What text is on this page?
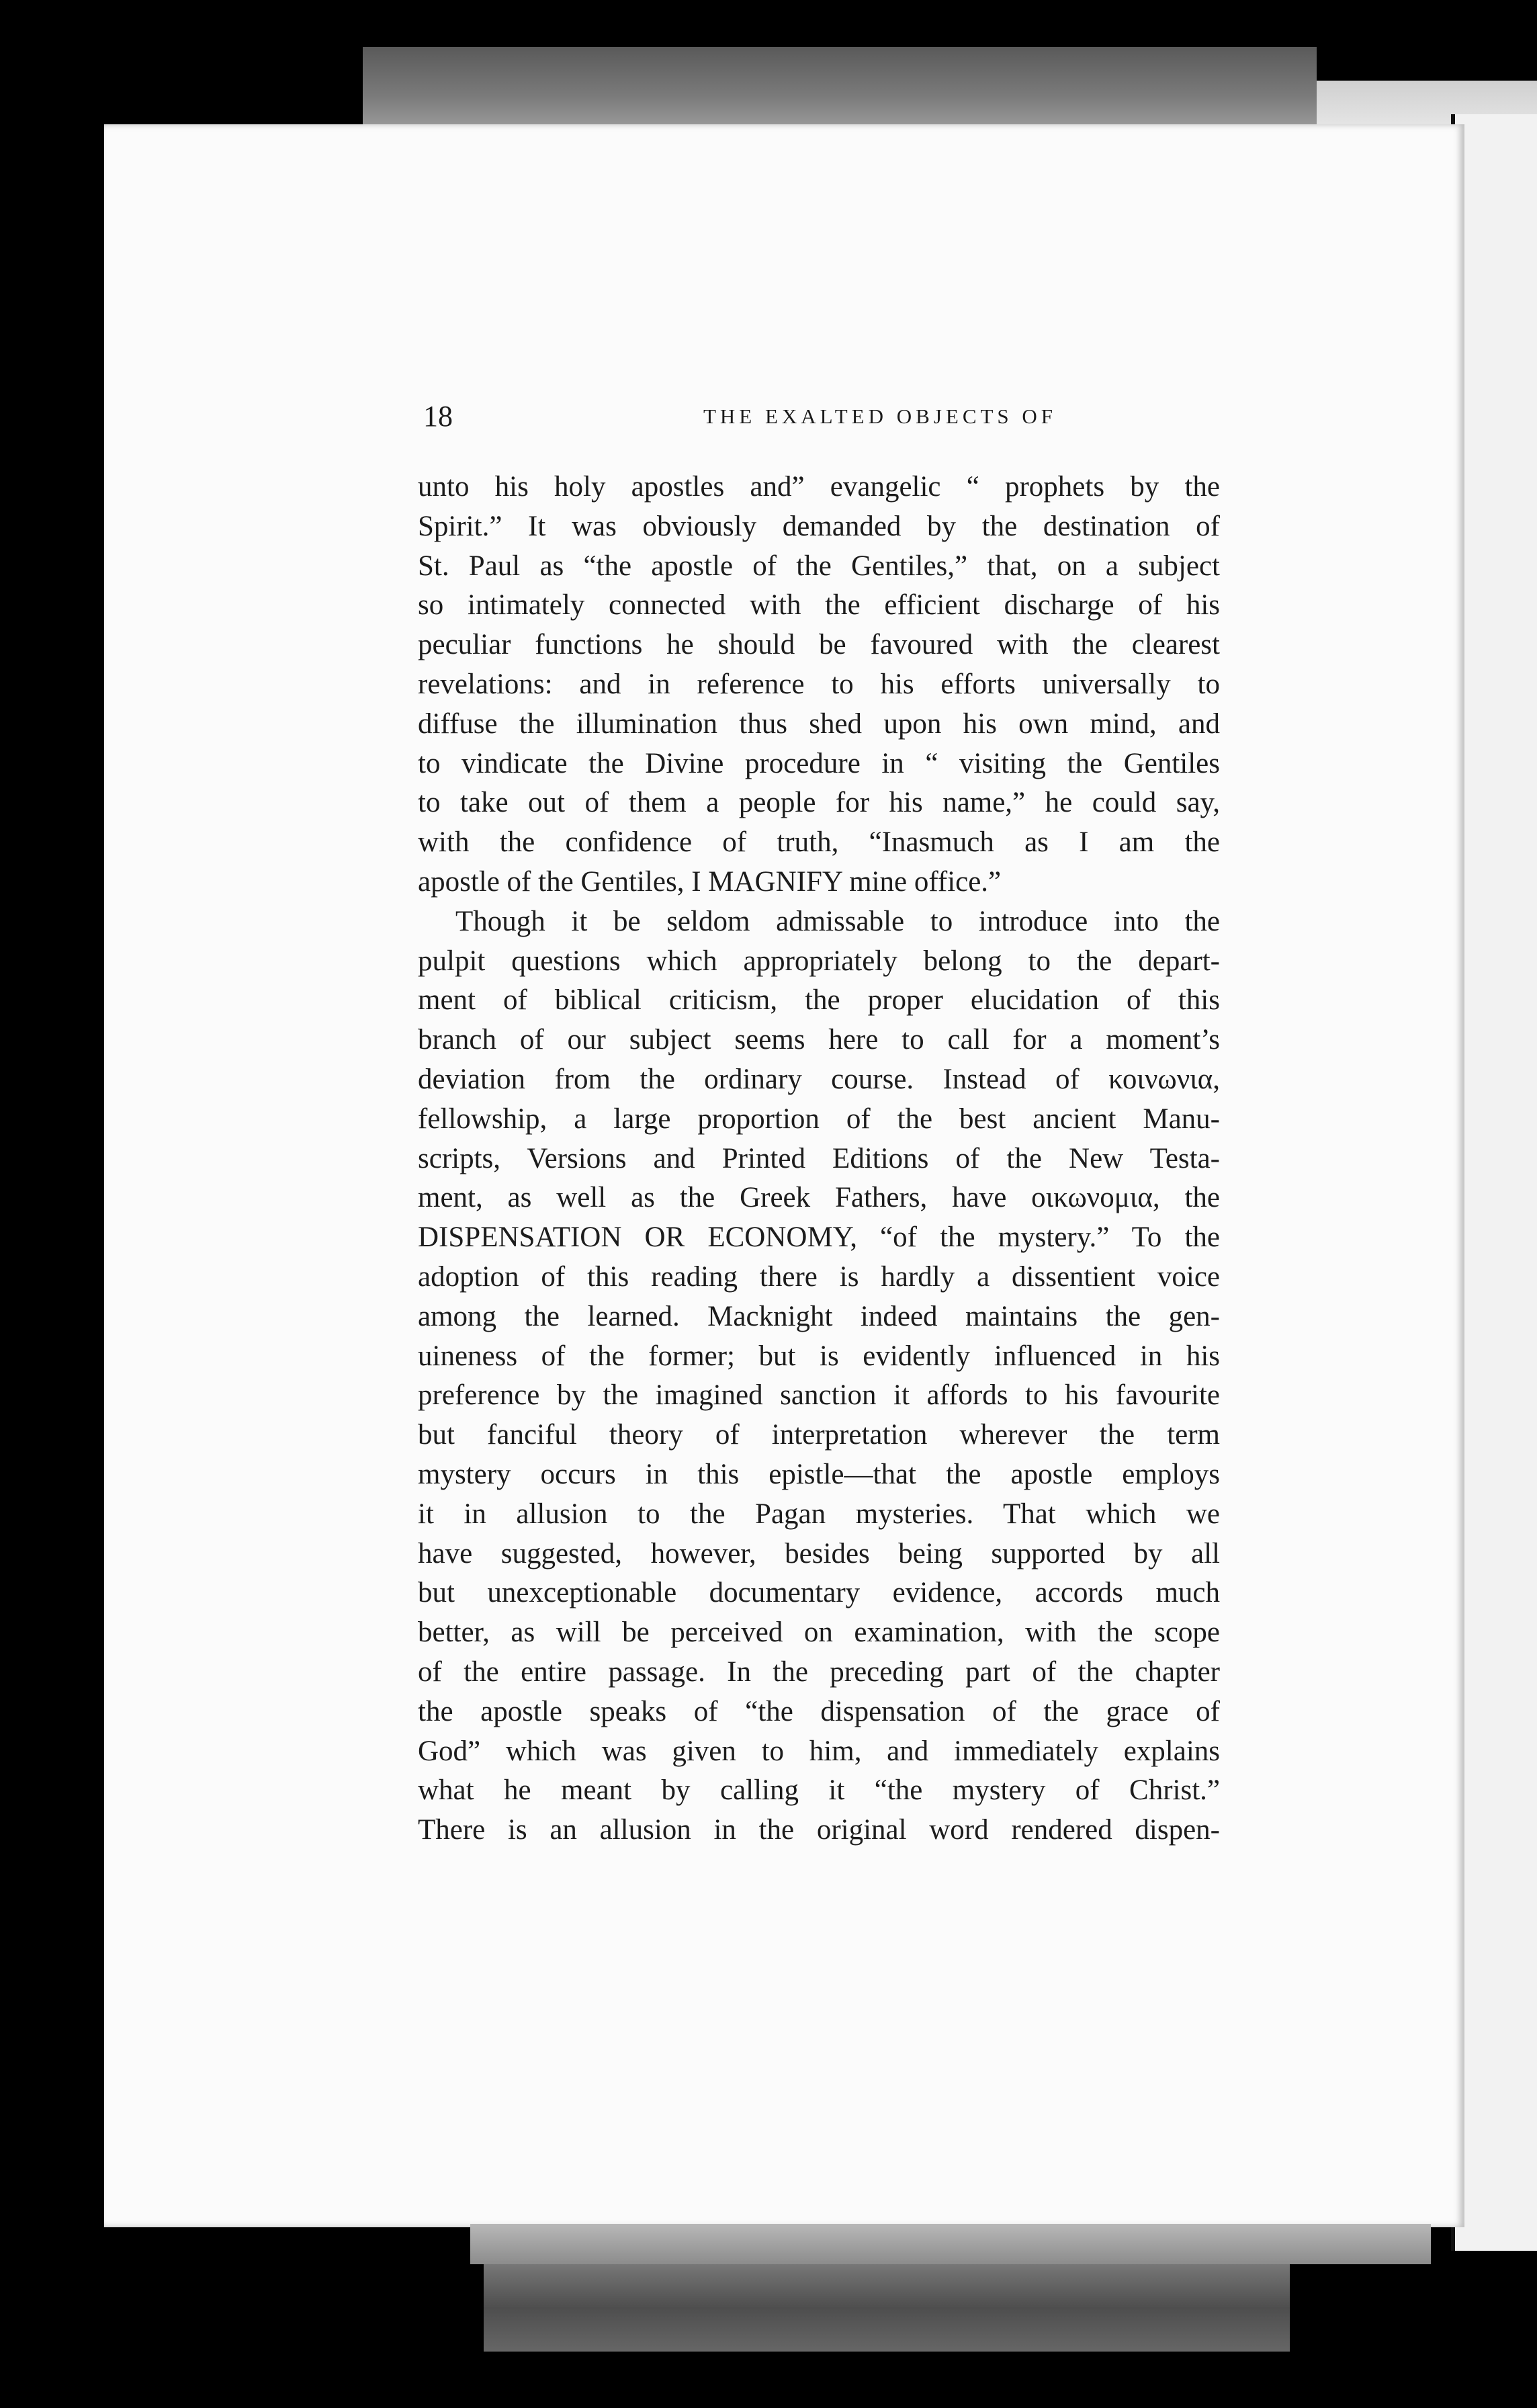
18	THE EXALTED OBJECTS OF
unto his holy apostles and” evangelic “ prophets by the
Spirit.” It was obviously demanded by the destination of
St. Paul as “the apostle of the Gentiles,” that, on a subject
so intimately connected with the efficient discharge of his
peculiar functions he should be favoured with the clearest
revelations: and in reference to his efforts universally to
diffuse the illumination thus shed upon his own mind, and
to vindicate the Divine procedure in “ visiting the Gentiles
to take out of them a people for his name,” he could say,
with the confidence of truth, “Inasmuch as I am the
apostle of the Gentiles, I MAGNIFY mine office.”
Though it be seldom admissable to introduce into the
pulpit questions which appropriately belong to the depart-
ment of biblical criticism, the proper elucidation of this
branch of our subject seems here to call for a moment’s
deviation from the ordinary course. Instead of κοινωνια,
fellowship, a large proportion of the best ancient Manu-
scripts, Versions and Printed Editions of the New Testa-
ment, as well as the Greek Fathers, have οικωνομια, the
DISPENSATION OR ECONOMY, “of the mystery.” To the
adoption of this reading there is hardly a dissentient voice
among the learned. Macknight indeed maintains the gen-
uineness of the former; but is evidently influenced in his
preference by the imagined sanction it affords to his favourite
but fanciful theory of interpretation wherever the term
mystery occurs in this epistle—that the apostle employs
it in allusion to the Pagan mysteries. That which we
have suggested, however, besides being supported by all
but unexceptionable documentary evidence, accords much
better, as will be perceived on examination, with the scope
of the entire passage. In the preceding part of the chapter
the apostle speaks of “the dispensation of the grace of
God” which was given to him, and immediately explains
what he meant by calling it “the mystery of Christ.”
There is an allusion in the original word rendered dispen-
